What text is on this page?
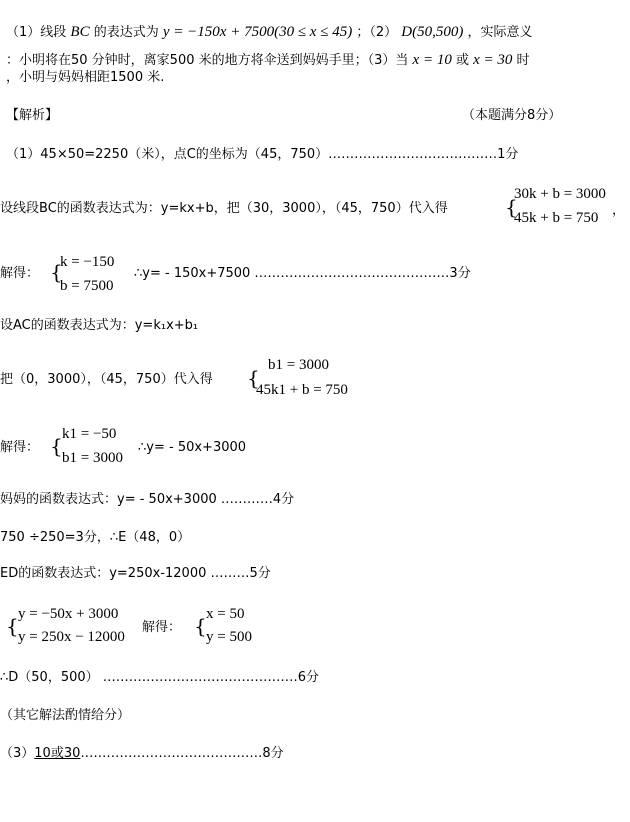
（1）线段 BC 的表达式为 y = −150x + 7500(30 ≤ x ≤ 45) ；（2） D(50,500) ，实际意义
：小明将在50 分钟时，离家500 米的地方将伞送到妈妈手里；（3）当 x = 10 或 x = 30 时
，小明与妈妈相距1500 米.
【解析】	（本题满分8分）
（1）45×50=2250（米），点C的坐标为（45，750）…………………………………1分
设线段BC的函数表达式为：y=kx+b，把（30，3000），（45，750）代入得	{
30k + b = 3000
45k + b = 750 ，
解得： {
k = −150
b = 7500
∴y= - 150x+7500 ………………………………………3分
设AC的函数表达式为：y=k₁x+b₁
把（0，3000），（45，750）代入得 {
b1 = 3000
45k1 + b = 750
解得： { k1 = −50
b1 = 3000
∴y= - 50x+3000
妈妈的函数表达式：y= - 50x+3000 …………4分
750 ÷250=3分，∴E（48，0）
ED的函数表达式：y=250x-12000 ………5分
{ y = −50x + 3000
y = 250x − 12000
解得： { x = 50
y = 500
∴D（50，500） ………………………………………6分
（其它解法酌情给分）
（3）10或30……………………………………8分
